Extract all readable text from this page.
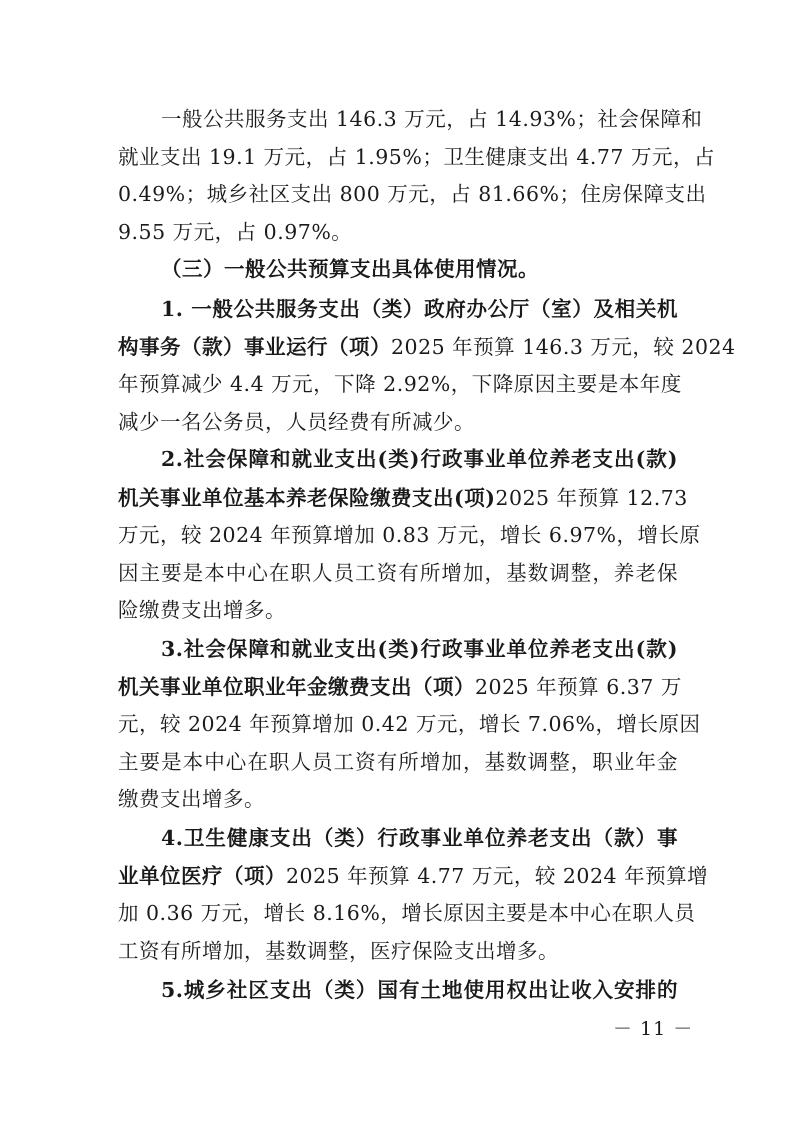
一般公共服务支出 146.3 万元，占 14.93%；社会保障和
就业支出 19.1 万元，占 1.95%；卫生健康支出 4.77 万元，占
0.49%；城乡社区支出 800 万元，占 81.66%；住房保障支出
9.55 万元，占 0.97%。
（三）一般公共预算支出具体使用情况。
1. 一般公共服务支出（类）政府办公厅（室）及相关机
构事务（款）事业运行（项）2025 年预算 146.3 万元，较 2024
年预算减少 4.4 万元，下降 2.92%，下降原因主要是本年度
减少一名公务员，人员经费有所减少。
2.社会保障和就业支出(类)行政事业单位养老支出(款)
机关事业单位基本养老保险缴费支出(项)2025 年预算 12.73
万元，较 2024 年预算增加 0.83 万元，增长 6.97%，增长原
因主要是本中心在职人员工资有所增加，基数调整，养老保
险缴费支出增多。
3.社会保障和就业支出(类)行政事业单位养老支出(款)
机关事业单位职业年金缴费支出（项）2025 年预算 6.37 万
元，较 2024 年预算增加 0.42 万元，增长 7.06%，增长原因
主要是本中心在职人员工资有所增加，基数调整，职业年金
缴费支出增多。
4.卫生健康支出（类）行政事业单位养老支出（款）事
业单位医疗（项）2025 年预算 4.77 万元，较 2024 年预算增
加 0.36 万元，增长 8.16%，增长原因主要是本中心在职人员
工资有所增加，基数调整，医疗保险支出增多。
5.城乡社区支出（类）国有土地使用权出让收入安排的
－ 11 －
